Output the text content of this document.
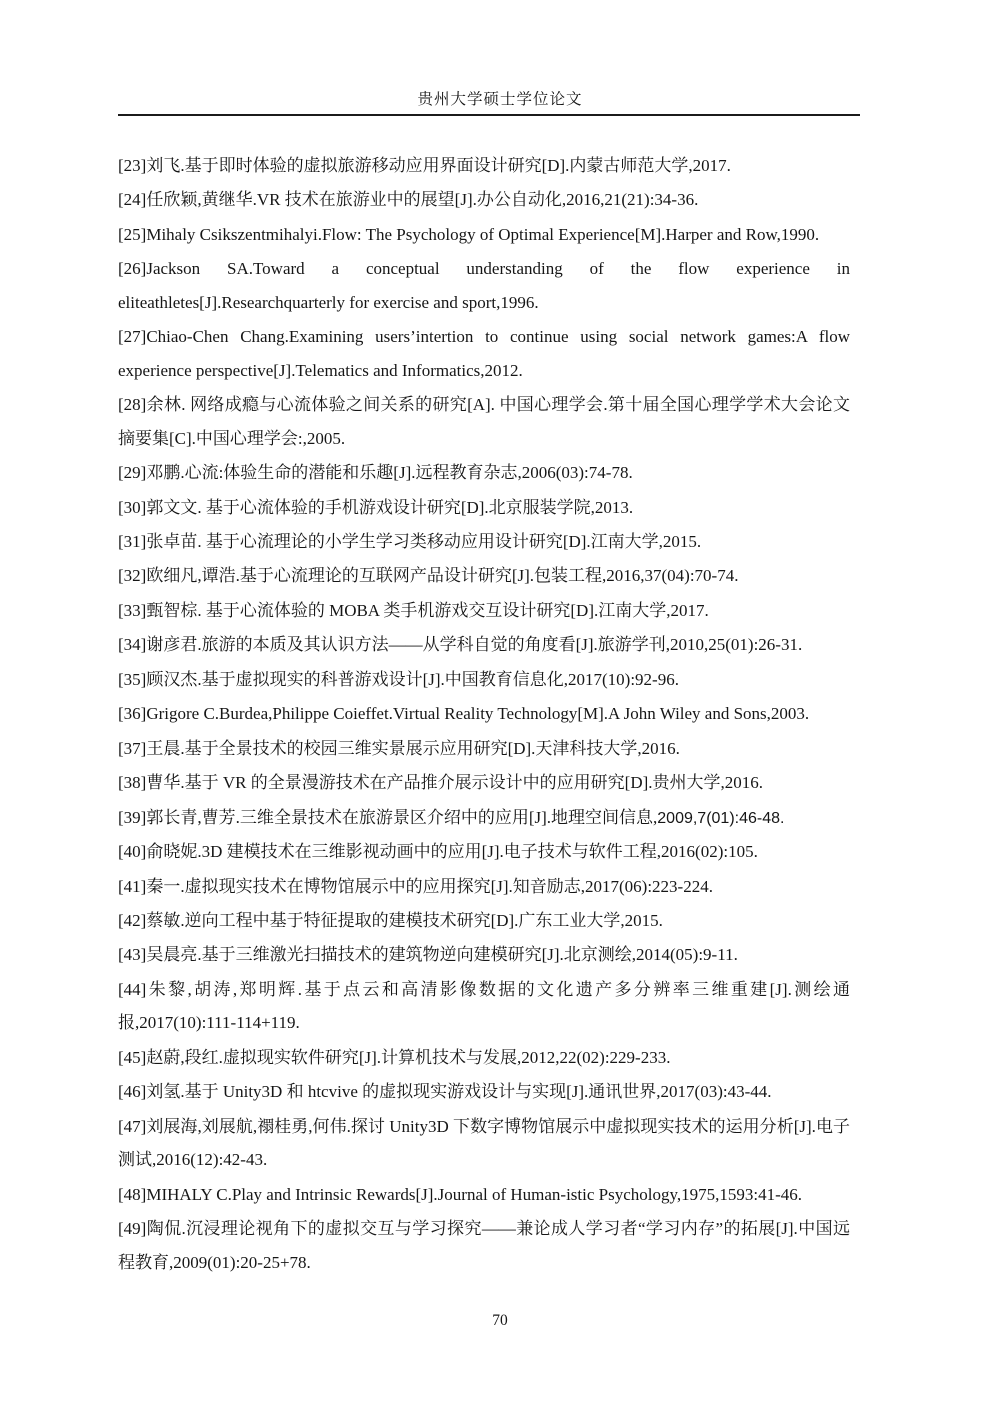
贵州大学硕士学位论文

[23]刘飞.基于即时体验的虚拟旅游移动应用界面设计研究[D].内蒙古师范大学,2017.

[24]任欣颖,黄继华.VR 技术在旅游业中的展望[J].办公自动化,2016,21(21):34-36.

[25]Mihaly Csikszentmihalyi.Flow: The Psychology of Optimal Experience[M].Harper and Row,1990.

[26]Jackson SA.Toward a conceptual understanding of the flow experience in eliteathletes[J].Researchquarterly for exercise and sport,1996.

[27]Chiao-Chen Chang.Examining users’intertion to continue using social network games:A flow experience perspective[J].Telematics and Informatics,2012.

[28]余林. 网络成瘾与心流体验之间关系的研究[A]. 中国心理学会.第十届全国心理学学术大会论文摘要集[C].中国心理学会:,2005.

[29]邓鹏.心流:体验生命的潜能和乐趣[J].远程教育杂志,2006(03):74-78.

[30]郭文文. 基于心流体验的手机游戏设计研究[D].北京服装学院,2013.

[31]张卓苗. 基于心流理论的小学生学习类移动应用设计研究[D].江南大学,2015.

[32]欧细凡,谭浩.基于心流理论的互联网产品设计研究[J].包装工程,2016,37(04):70-74.

[33]甄智棕. 基于心流体验的 MOBA 类手机游戏交互设计研究[D].江南大学,2017.

[34]谢彦君.旅游的本质及其认识方法——从学科自觉的角度看[J].旅游学刊,2010,25(01):26-31.

[35]顾汉杰.基于虚拟现实的科普游戏设计[J].中国教育信息化,2017(10):92-96.

[36]Grigore C.Burdea,Philippe Coieffet.Virtual Reality Technology[M].A John Wiley and Sons,2003.

[37]王晨.基于全景技术的校园三维实景展示应用研究[D].天津科技大学,2016.

[38]曹华.基于 VR 的全景漫游技术在产品推介展示设计中的应用研究[D].贵州大学,2016.

[39]郭长青,曹芳.三维全景技术在旅游景区介绍中的应用[J].地理空间信息,2009,7(01):46-48.

[40]俞晓妮.3D 建模技术在三维影视动画中的应用[J].电子技术与软件工程,2016(02):105.

[41]秦一.虚拟现实技术在博物馆展示中的应用探究[J].知音励志,2017(06):223-224.

[42]蔡敏.逆向工程中基于特征提取的建模技术研究[D].广东工业大学,2015.

[43]吴晨亮.基于三维激光扫描技术的建筑物逆向建模研究[J].北京测绘,2014(05):9-11.

[44]朱黎,胡涛,郑明辉.基于点云和高清影像数据的文化遗产多分辨率三维重建[J].测绘通报,2017(10):111-114+119.

[45]赵蔚,段红.虚拟现实软件研究[J].计算机技术与发展,2012,22(02):229-233.

[46]刘氢.基于 Unity3D 和 htcvive 的虚拟现实游戏设计与实现[J].通讯世界,2017(03):43-44.

[47]刘展海,刘展航,禤桂勇,何伟.探讨 Unity3D 下数字博物馆展示中虚拟现实技术的运用分析[J].电子测试,2016(12):42-43.

[48]MIHALY C.Play and Intrinsic Rewards[J].Journal of Human-istic Psychology,1975,1593:41-46.

[49]陶侃.沉浸理论视角下的虚拟交互与学习探究——兼论成人学习者“学习内存”的拓展[J].中国远程教育,2009(01):20-25+78.

70
